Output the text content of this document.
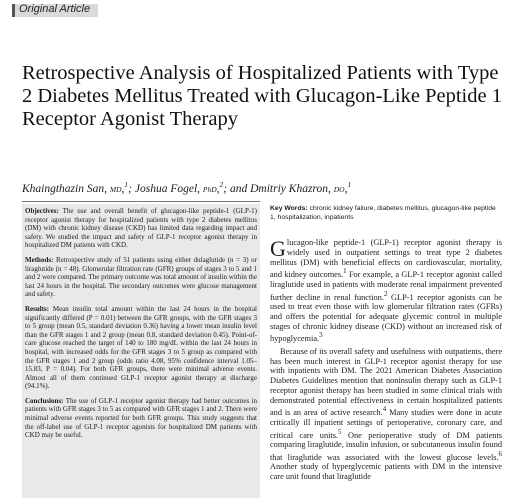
Original Article
Retrospective Analysis of Hospitalized Patients with Type 2 Diabetes Mellitus Treated with Glucagon-Like Peptide 1 Receptor Agonist Therapy
Khaingthazin San, MD,$^1$; Joshua Fogel, PhD,$^2$; and Dmitriy Khazron, DO,$^1$

Objectives: The use and overall benefit of glucagon-like peptide-1 (GLP-1) receptor agonist therapy for hospitalized patients with type 2 diabetes mellitus (DM) with chronic kidney disease (CKD) has limited data regarding impact and safety. We studied the impact and safety of GLP-1 receptor agonist therapy in hospitalized DM patients with CKD.

Methods: Retrospective study of 51 patients using either dulaglutide (n = 3) or liraglutide (n = 48). Glomerular filtration rate (GFR) groups of stages 3 to 5 and 1 and 2 were compared. The primary outcome was total amount of insulin within the last 24 hours in the hospital. The secondary outcomes were glucose management and safety.

Results: Mean insulin total amount within the last 24 hours in the hospital significantly differed (P = 0.01) between the GFR groups, with the GFR stages 3 to 5 group (mean 0.5, standard deviation 0.36) having a lower mean insulin level than the GFR stages 1 and 2 group (mean 0.8, standard deviation 0.45). Point-of-care glucose reached the target of 140 to 180 mg/dL within the last 24 hours in hospital, with increased odds for the GFR stages 3 to 5 group as compared with the GFR stages 1 and 2 group (odds ratio 4.08, 95% confidence interval 1.05–15.83, P = 0.04). For both GFR groups, there were minimal adverse events. Almost all of them continued GLP-1 receptor agonist therapy at discharge (94.1%).

Conclusions: The use of GLP-1 receptor agonist therapy had better outcomes in patients with GFR stages 3 to 5 as compared with GFR stages 1 and 2. There were minimal adverse events reported for both GFR groups. This study suggests that the off-label use of GLP-1 receptor agonists for hospitalized DM patients with CKD may be useful.

Key Words: chronic kidney failure, diabetes mellitus, glucagon-like peptide 1, hospitalization, inpatients

Glucagon-like peptide-1 (GLP-1) receptor agonist therapy is widely used in outpatient settings to treat type 2 diabetes mellitus (DM) with beneficial effects on cardiovascular, mortality, and kidney outcomes.$^1$ For example, a GLP-1 receptor agonist called liraglutide used in patients with moderate renal impairment prevented further decline in renal function.$^2$ GLP-1 receptor agonists can be used to treat even those with low glomerular filtration rates (GFRs) and offers the potential for adequate glycemic control in multiple stages of chronic kidney disease (CKD) without an increased risk of hypoglycemia.$^3$

Because of its overall safety and usefulness with outpatients, there has been much interest in GLP-1 receptor agonist therapy for use with inpatients with DM. The 2021 American Diabetes Association Diabetes Guidelines mention that noninsulin therapy such as GLP-1 receptor agonist therapy has been studied in some clinical trials with demonstrated potential effectiveness in certain hospitalized patients and is an area of active research.$^4$ Many studies were done in acute critically ill inpatient settings of perioperative, coronary care, and critical care units.$^5$ One perioperative study of DM patients comparing liraglutide, insulin infusion, or subcutaneous insulin found that liraglutide was associated with the lowest glucose levels.$^6$ Another study of hyperglycemic patients with DM in the intensive care unit found that liraglutide
